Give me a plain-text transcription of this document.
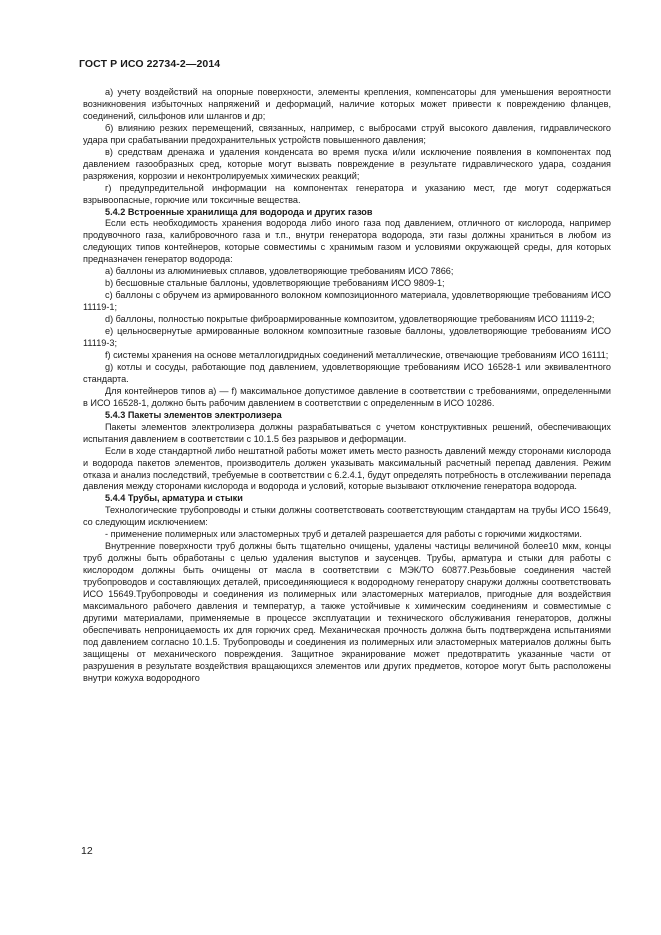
ГОСТ Р ИСО 22734-2—2014

а) учету воздействий на опорные поверхности, элементы крепления, компенсаторы для уменьшения вероятности возникновения избыточных напряжений и деформаций, наличие которых может привести к повреждению фланцев, соединений, сильфонов или шлангов и др;

б) влиянию резких перемещений, связанных, например, с выбросами струй высокого давления, гидравлического удара при срабатывании предохранительных устройств повышенного давления;

в) средствам дренажа и удаления конденсата во время пуска и/или исключение появления в компонентах под давлением газообразных сред, которые могут вызвать повреждение в результате гидравлического удара, создания разряжения, коррозии и неконтролируемых химических реакций;

г) предупредительной информации на компонентах генератора и указанию мест, где могут содержаться взрывоопасные, горючие или токсичные вещества.

5.4.2 Встроенные хранилища для водорода и других газов

Если есть необходимость хранения водорода либо иного газа под давлением, отличного от кислорода, например продувочного газа, калибровочного газа и т.п., внутри генератора водорода, эти газы должны храниться в любом из следующих типов контейнеров, которые совместимы с хранимым газом и условиями окружающей среды, для которых предназначен генератор водорода:

а) баллоны из алюминиевых сплавов, удовлетворяющие требованиям ИСО 7866;

b) бесшовные стальные баллоны, удовлетворяющие требованиям ИСО 9809-1;

c) баллоны с обручем из армированного волокном композиционного материала, удовлетворяющие требованиям ИСО 11119-1;

d) баллоны, полностью покрытые фиброармированные композитом, удовлетворяющие требованиям ИСО 11119-2;

e) цельносвернутые армированные волокном композитные газовые баллоны, удовлетворяющие требованиям ИСО 11119-3;

f) системы хранения на основе металлогидридных соединений металлические, отвечающие требованиям ИСО 16111;

g) котлы и сосуды, работающие под давлением, удовлетворяющие требованиям ИСО 16528-1 или эквивалентного стандарта.

Для контейнеров типов а) — f) максимальное допустимое давление в соответствии с требованиями, определенными в ИСО 16528-1, должно быть рабочим давлением в соответствии с определенным в ИСО 10286.

5.4.3 Пакеты элементов электролизера

Пакеты элементов электролизера должны разрабатываться с учетом конструктивных решений, обеспечивающих испытания давлением в соответствии с 10.1.5 без разрывов и деформации.

Если в ходе стандартной либо нештатной работы может иметь место разность давлений между сторонами кислорода и водорода пакетов элементов, производитель должен указывать максимальный расчетный перепад давления. Режим отказа и анализ последствий, требуемые в соответствии с 6.2.4.1, будут определять потребность в отслеживании перепада давления между сторонами кислорода и водорода и условий, которые вызывают отключение генератора водорода.

5.4.4 Трубы, арматура и стыки

Технологические трубопроводы и стыки должны соответствовать соответствующим стандартам на трубы ИСО 15649, со следующим исключением:

- применение полимерных или эластомерных труб и деталей разрешается для работы с горючими жидкостями.

Внутренние поверхности труб должны быть тщательно очищены, удалены частицы величиной более10 мкм, концы труб должны быть обработаны с целью удаления выступов и заусенцев. Трубы, арматура и стыки для работы с кислородом должны быть очищены от масла в соответствии с МЭК/ТО 60877.Резьбовые соединения частей трубопроводов и составляющих деталей, присоединяющиеся к водородному генератору снаружи должны соответствовать ИСО 15649.Трубопроводы и соединения из полимерных или эластомерных материалов, пригодные для воздействия максимального рабочего давления и температур, а также устойчивые к химическим соединениям и совместимые с другими материалами, применяемые в процессе эксплуатации и технического обслуживания генераторов, должны обеспечивать непроницаемость их для горючих сред. Механическая прочность должна быть подтверждена испытаниями под давлением согласно 10.1.5. Трубопроводы и соединения из полимерных или эластомерных материалов должны быть защищены от механического повреждения. Защитное экранирование может предотвратить указанные части от разрушения в результате воздействия вращающихся элементов или других предметов, которое могут быть расположены внутри кожуха водородного

12
